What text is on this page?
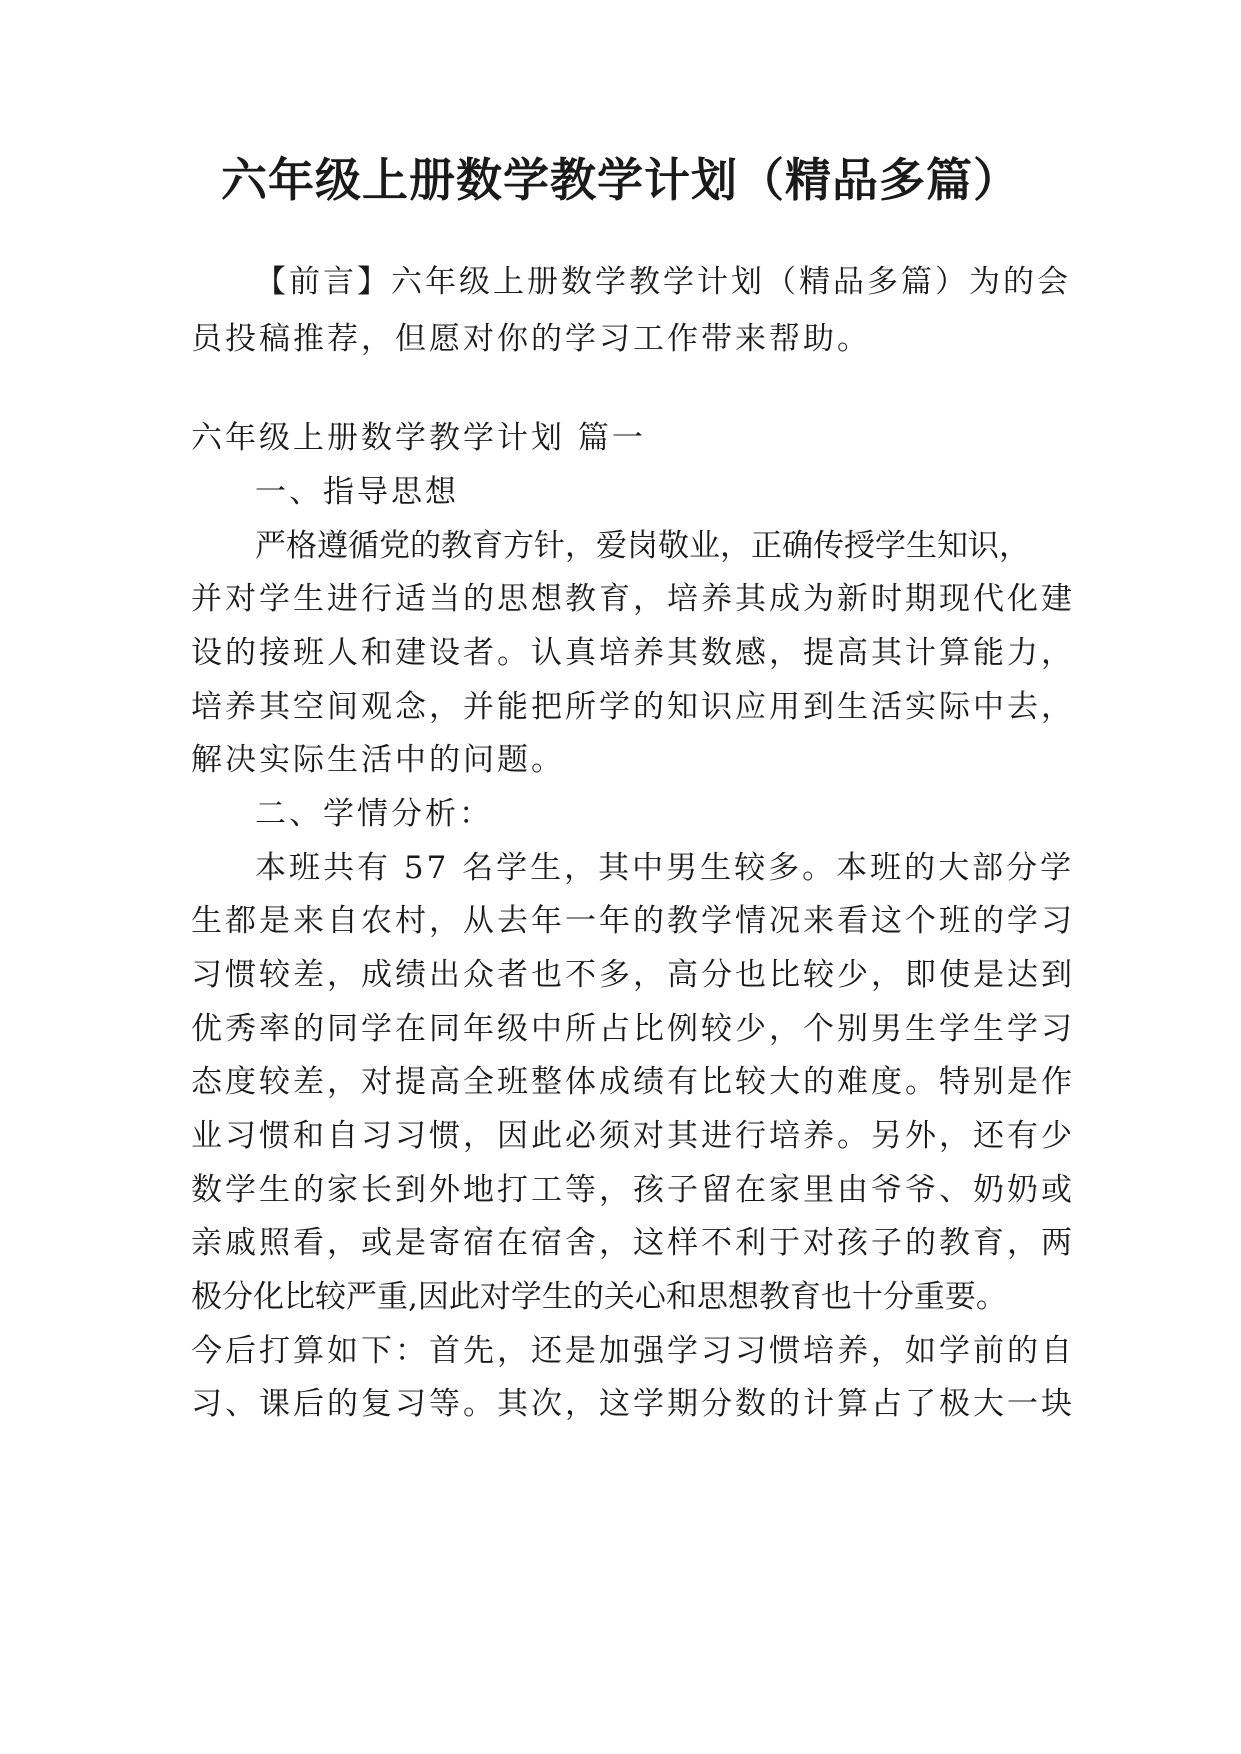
六年级上册数学教学计划（精品多篇）
【前言】六年级上册数学教学计划（精品多篇）为的会
员投稿推荐，但愿对你的学习工作带来帮助。
六年级上册数学教学计划 篇一
一、指导思想
严格遵循党的教育方针，爱岗敬业，正确传授学生知识，
并对学生进行适当的思想教育，培养其成为新时期现代化建
设的接班人和建设者。认真培养其数感，提高其计算能力，
培养其空间观念，并能把所学的知识应用到生活实际中去，
解决实际生活中的问题。
二、学情分析：
本班共有 57 名学生，其中男生较多。本班的大部分学
生都是来自农村，从去年一年的教学情况来看这个班的学习
习惯较差，成绩出众者也不多，高分也比较少，即使是达到
优秀率的同学在同年级中所占比例较少，个别男生学生学习
态度较差，对提高全班整体成绩有比较大的难度。特别是作
业习惯和自习习惯，因此必须对其进行培养。另外，还有少
数学生的家长到外地打工等，孩子留在家里由爷爷、奶奶或
亲戚照看，或是寄宿在宿舍，这样不利于对孩子的教育，两
极分化比较严重,因此对学生的关心和思想教育也十分重要。
今后打算如下：首先，还是加强学习习惯培养，如学前的自
习、课后的复习等。其次，这学期分数的计算占了极大一块
